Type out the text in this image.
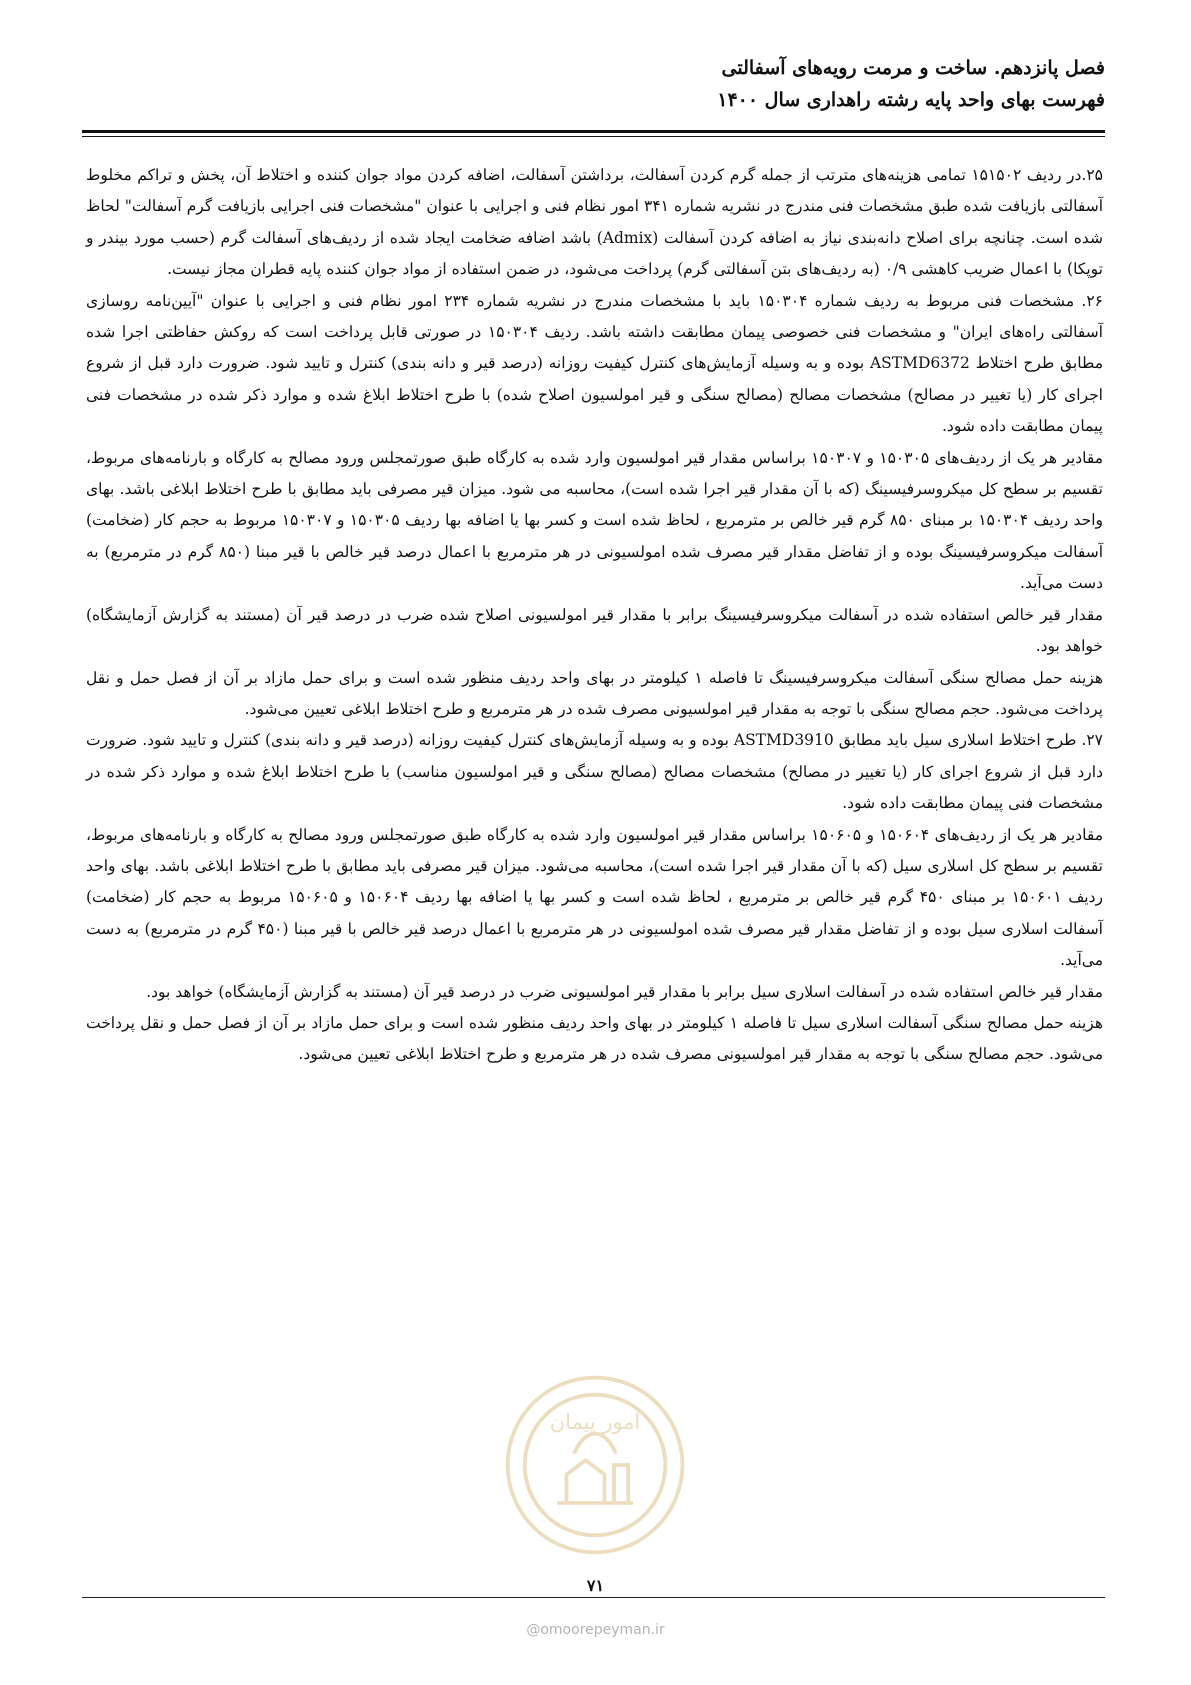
فصل پانزدهم. ساخت و مرمت رویه‌های آسفالتی
فهرست بهای واحد پایه رشته راهداری سال ۱۴۰۰

۲۵.در ردیف ۱۵۱۵۰۲ تمامی هزینه‌های مترتب از جمله گرم کردن آسفالت، برداشتن آسفالت، اضافه کردن مواد جوان کننده و اختلاط آن، پخش و تراکم مخلوط آسفالتی بازیافت شده طبق مشخصات فنی مندرج در نشریه شماره ۳۴۱ امور نظام فنی و اجرایی با عنوان "مشخصات فنی اجرایی بازیافت گرم آسفالت" لحاظ شده است. چنانچه برای اصلاح دانه‌بندی نیاز به اضافه کردن آسفالت (Admix) باشد اضافه ضخامت ایجاد شده از ردیف‌های آسفالت گرم (حسب مورد بیندر و توپکا) با اعمال ضریب کاهشی ۰/۹ (به ردیف‌های بتن آسفالتی گرم) پرداخت می‌شود، در ضمن استفاده از مواد جوان کننده پایه قطران مجاز نیست.

۲۶. مشخصات فنی مربوط به ردیف شماره ۱۵۰۳۰۴ باید با مشخصات مندرج در نشریه شماره ۲۳۴ امور نظام فنی و اجرایی با عنوان "آیین‌نامه روسازی آسفالتی راه‌های ایران" و مشخصات فنی خصوصی پیمان مطابقت داشته باشد. ردیف ۱۵۰۳۰۴ در صورتی قابل پرداخت است که روکش حفاظتی اجرا شده مطابق طرح اختلاط ASTMD6372 بوده و به وسیله آزمایش‌های کنترل کیفیت روزانه (درصد قیر و دانه بندی) کنترل و تایید شود. ضرورت دارد قبل از شروع اجرای کار (یا تغییر در مصالح) مشخصات مصالح (مصالح سنگی و قیر امولسیون اصلاح شده) با طرح اختلاط ابلاغ شده و موارد ذکر شده در مشخصات فنی پیمان مطابقت داده شود.

مقادیر هر یک از ردیف‌های ۱۵۰۳۰۵ و ۱۵۰۳۰۷ براساس مقدار قیر امولسیون وارد شده به کارگاه طبق صورتمجلس ورود مصالح به کارگاه و بارنامه‌های مربوط، تقسیم بر سطح کل میکروسرفیسینگ (که با آن مقدار قیر اجرا شده است)، محاسبه می شود. میزان قیر مصرفی باید مطابق با طرح اختلاط ابلاغی باشد. بهای واحد ردیف ۱۵۰۳۰۴ بر مبنای ۸۵۰ گرم قیر خالص بر مترمربع ، لحاظ شده است و کسر بها یا اضافه بها ردیف ۱۵۰۳۰۵ و ۱۵۰۳۰۷ مربوط به حجم کار (ضخامت) آسفالت میکروسرفیسینگ بوده و از تفاضل مقدار قیر مصرف شده امولسیونی در هر مترمربع با اعمال درصد قیر خالص با قیر مبنا (۸۵۰ گرم در مترمربع) به دست می‌آید.

مقدار قیر خالص استفاده شده در آسفالت میکروسرفیسینگ برابر با مقدار قیر امولسیونی اصلاح شده ضرب در درصد قیر آن (مستند به گزارش آزمایشگاه) خواهد بود.

هزینه حمل مصالح سنگی آسفالت میکروسرفیسینگ تا فاصله ۱ کیلومتر در بهای واحد ردیف منظور شده است و برای حمل مازاد بر آن از فصل حمل و نقل پرداخت می‌شود. حجم مصالح سنگی با توجه به مقدار قیر امولسیونی مصرف شده در هر مترمربع و طرح اختلاط ابلاغی تعیین می‌شود.

۲۷. طرح اختلاط اسلاری سیل باید مطابق ASTMD3910 بوده و به وسیله آزمایش‌های کنترل کیفیت روزانه (درصد قیر و دانه بندی) کنترل و تایید شود. ضرورت دارد قبل از شروع اجرای کار (یا تغییر در مصالح) مشخصات مصالح (مصالح سنگی و قیر امولسیون مناسب) با طرح اختلاط ابلاغ شده و موارد ذکر شده در مشخصات فنی پیمان مطابقت داده شود.

مقادیر هر یک از ردیف‌های ۱۵۰۶۰۴ و ۱۵۰۶۰۵ براساس مقدار قیر امولسیون وارد شده به کارگاه طبق صورتمجلس ورود مصالح به کارگاه و بارنامه‌های مربوط، تقسیم بر سطح کل اسلاری سیل (که با آن مقدار قیر اجرا شده است)، محاسبه می‌شود. میزان قیر مصرفی باید مطابق با طرح اختلاط ابلاغی باشد. بهای واحد ردیف ۱۵۰۶۰۱ بر مبنای ۴۵۰ گرم قیر خالص بر مترمربع ، لحاظ شده است و کسر بها یا اضافه بها ردیف ۱۵۰۶۰۴ و ۱۵۰۶۰۵ مربوط به حجم کار (ضخامت) آسفالت اسلاری سیل بوده و از تفاضل مقدار قیر مصرف شده امولسیونی در هر مترمربع با اعمال درصد قیر خالص با قیر مبنا (۴۵۰ گرم در مترمربع) به دست می‌آید.

مقدار قیر خالص استفاده شده در آسفالت اسلاری سیل برابر با مقدار قیر امولسیونی ضرب در درصد قیر آن (مستند به گزارش آزمایشگاه) خواهد بود.

هزینه حمل مصالح سنگی آسفالت اسلاری سیل تا فاصله ۱ کیلومتر در بهای واحد ردیف منظور شده است و برای حمل مازاد بر آن از فصل حمل و نقل پرداخت می‌شود. حجم مصالح سنگی با توجه به مقدار قیر امولسیونی مصرف شده در هر مترمربع و طرح اختلاط ابلاغی تعیین می‌شود.

امور پیمان
۷۱
@omoorepeyman.ir
